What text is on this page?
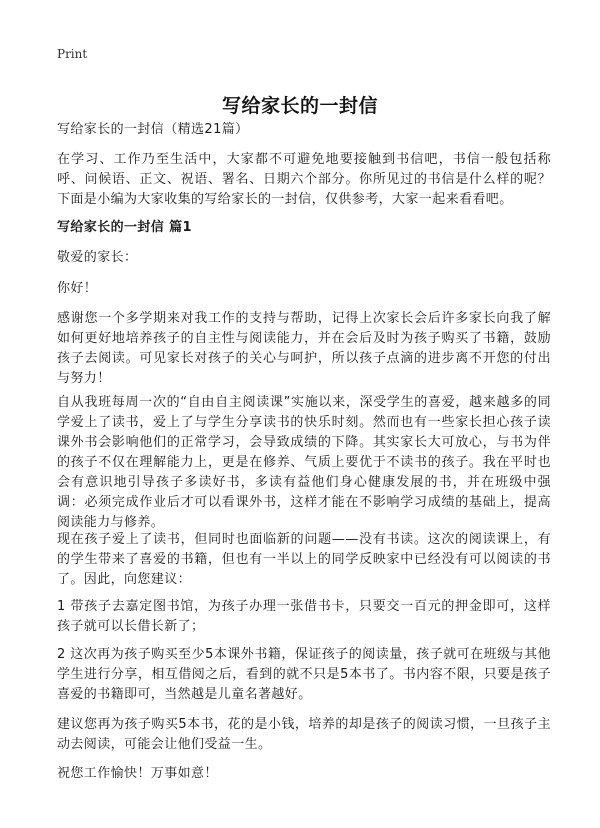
Print
写给家长的一封信

写给家长的一封信（精选21篇）

在学习、工作乃至生活中，大家都不可避免地要接触到书信吧，书信一般包括称呼、问候语、正文、祝语、署名、日期六个部分。你所见过的书信是什么样的呢？下面是小编为大家收集的写给家长的一封信，仅供参考，大家一起来看看吧。

写给家长的一封信 篇1

敬爱的家长：

你好！

感谢您一个多学期来对我工作的支持与帮助，记得上次家长会后许多家长向我了解如何更好地培养孩子的自主性与阅读能力，并在会后及时为孩子购买了书籍，鼓励孩子去阅读。可见家长对孩子的关心与呵护，所以孩子点滴的进步离不开您的付出与努力！

自从我班每周一次的“自由自主阅读课”实施以来，深受学生的喜爱，越来越多的同学爱上了读书，爱上了与学生分享读书的快乐时刻。然而也有一些家长担心孩子读课外书会影响他们的正常学习，会导致成绩的下降。其实家长大可放心，与书为伴的孩子不仅在理解能力上，更是在修养、气质上要优于不读书的孩子。我在平时也会有意识地引导孩子多读好书，多读有益他们身心健康发展的书，并在班级中强调：必须完成作业后才可以看课外书，这样才能在不影响学习成绩的基础上，提高阅读能力与修养。

现在孩子爱上了读书，但同时也面临新的问题——没有书读。这次的阅读课上，有的学生带来了喜爱的书籍，但也有一半以上的同学反映家中已经没有可以阅读的书了。因此，向您建议：

1 带孩子去嘉定图书馆，为孩子办理一张借书卡，只要交一百元的押金即可，这样孩子就可以长借长新了；

2 这次再为孩子购买至少5本课外书籍，保证孩子的阅读量，孩子就可在班级与其他学生进行分享，相互借阅之后，看到的就不只是5本书了。书内容不限，只要是孩子喜爱的书籍即可，当然越是儿童名著越好。

建议您再为孩子购买5本书，花的是小钱，培养的却是孩子的阅读习惯，一旦孩子主动去阅读，可能会让他们受益一生。

祝您工作愉快！万事如意！
